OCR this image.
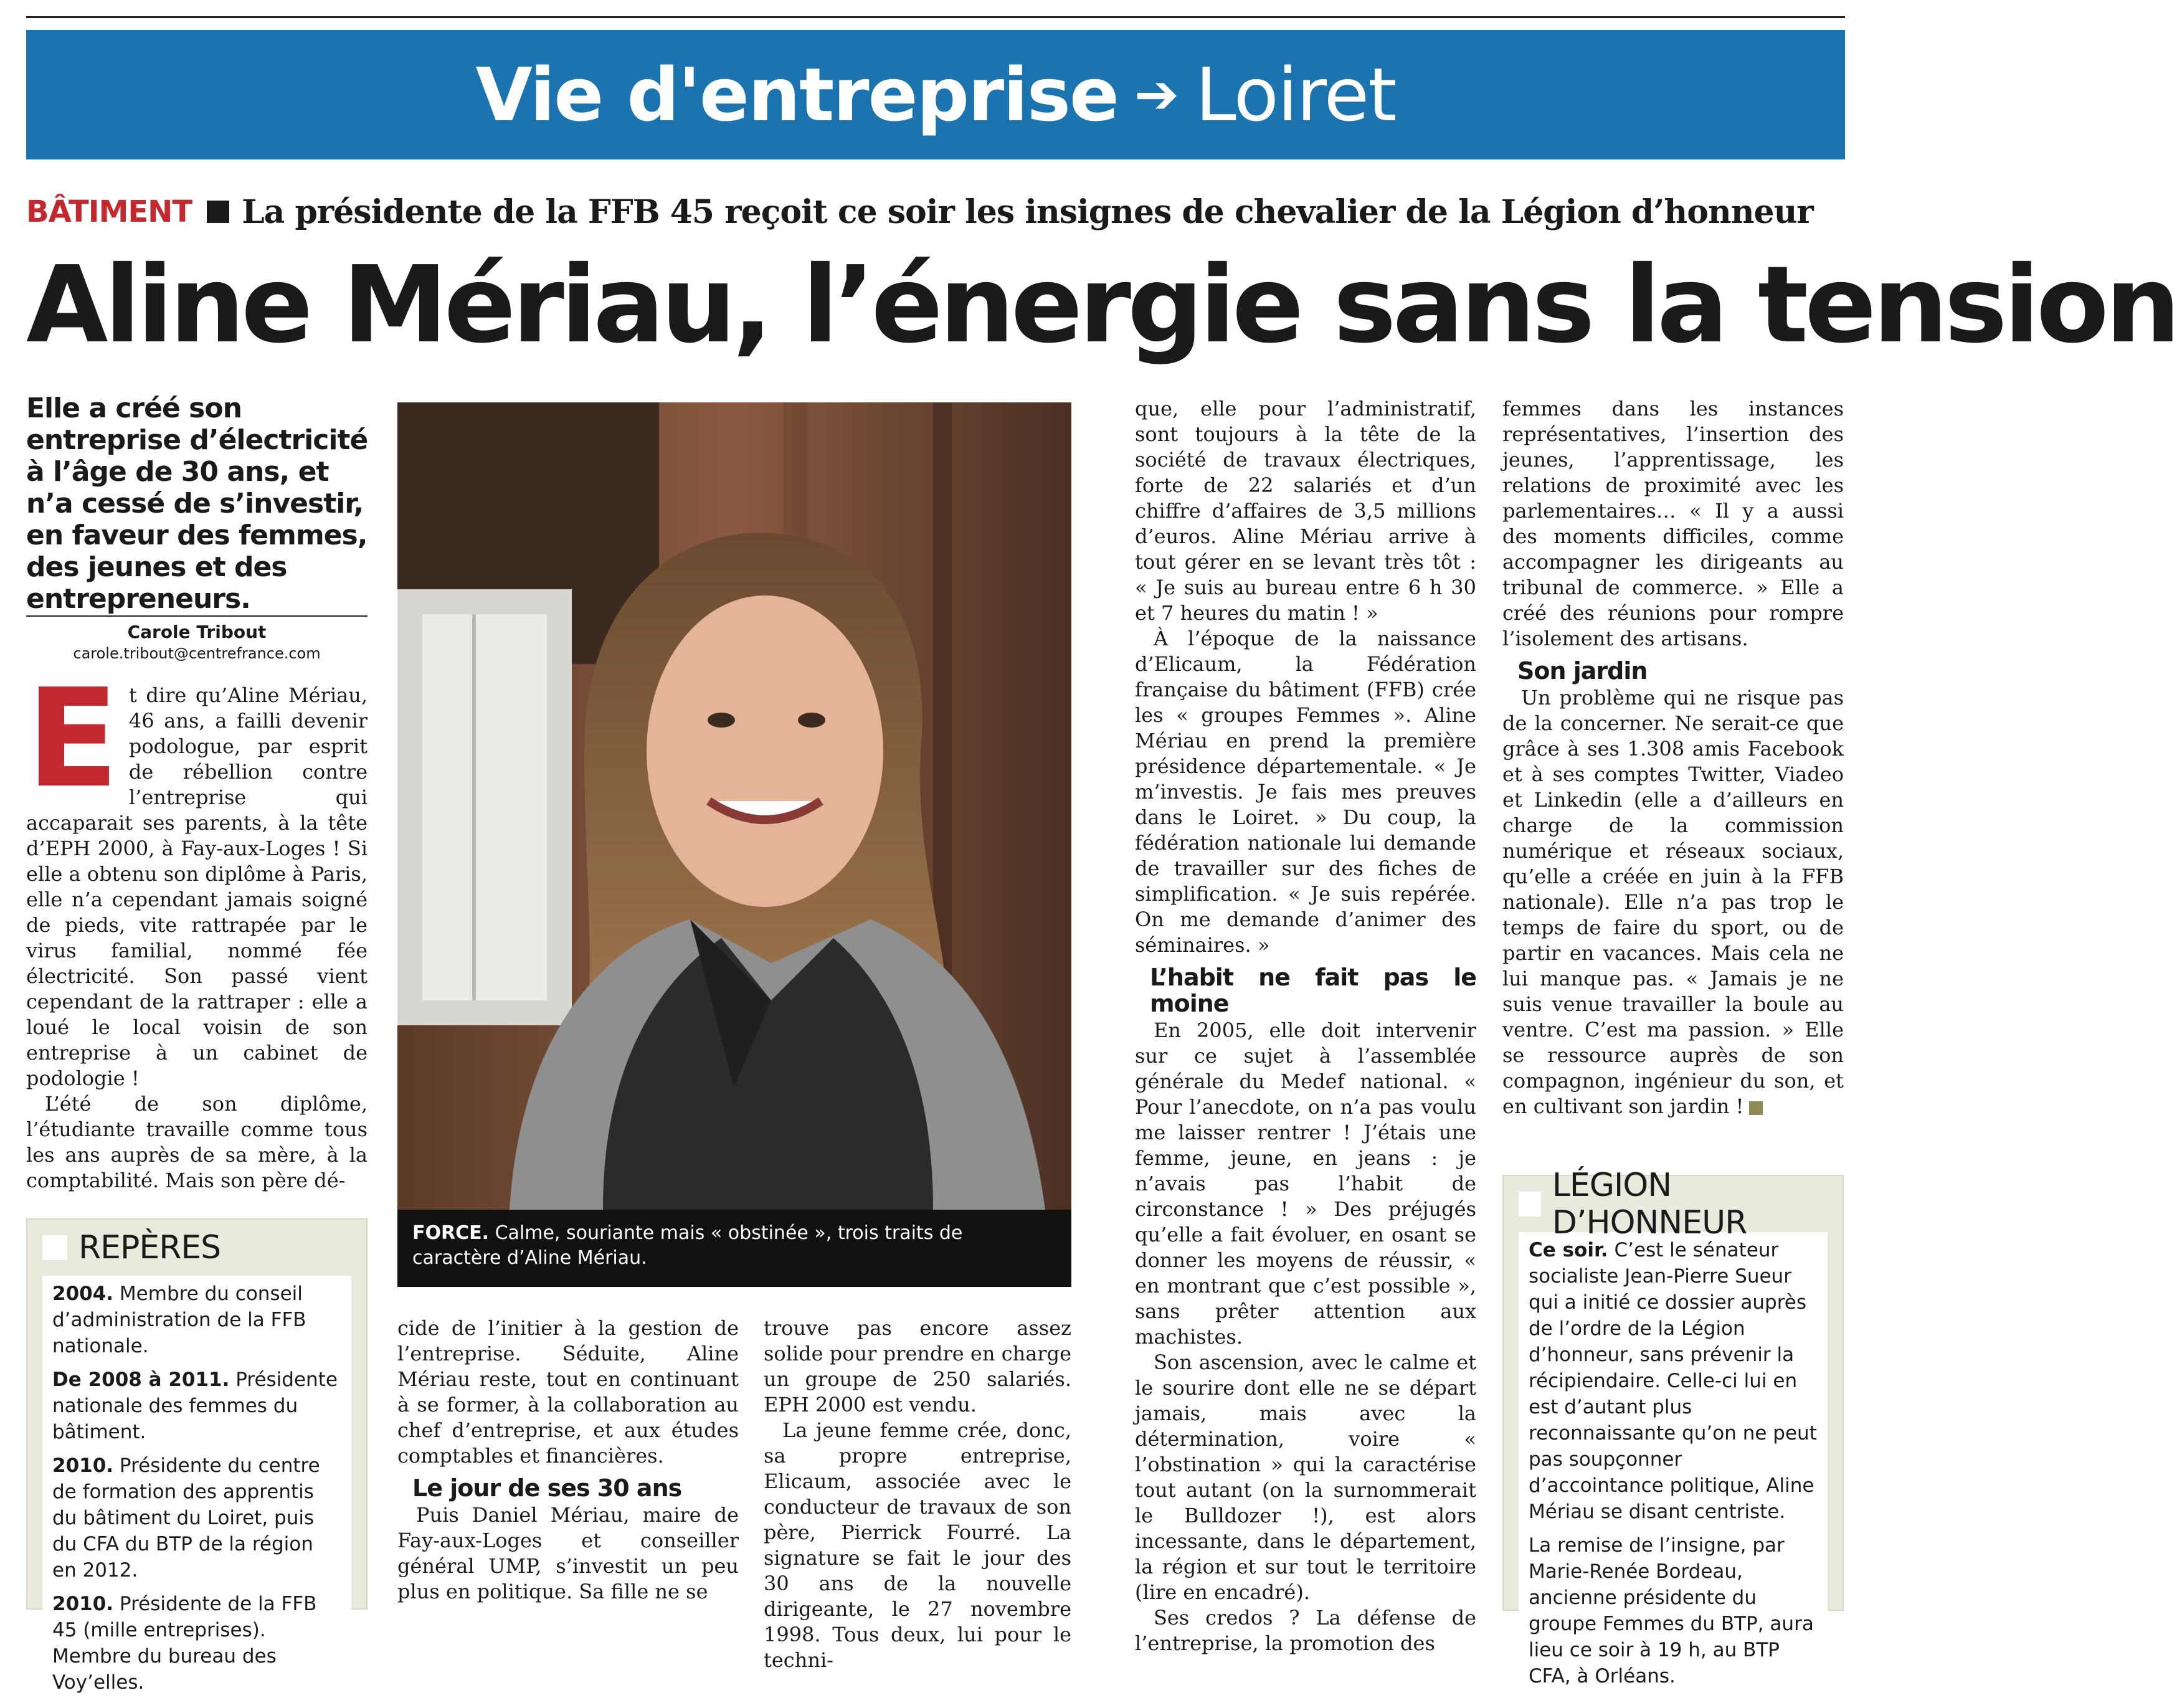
Vie d'entreprise ➔ Loiret
BÂTIMENT La présidente de la FFB 45 reçoit ce soir les insignes de chevalier de la Légion d’honneur
Aline Mériau, l’énergie sans la tension
Elle a créé son entreprise d’électricité à l’âge de 30 ans, et n’a cessé de s’investir, en faveur des femmes, des jeunes et des entrepreneurs.
Carole Tribout
carole.tribout@centrefrance.com
E t dire qu’Aline Mériau, 46 ans, a failli devenir podologue, par esprit de rébellion contre l’entreprise qui accaparait ses parents, à la tête d’EPH 2000, à Fay-aux-Loges ! Si elle a obtenu son diplôme à Paris, elle n’a cependant jamais soigné de pieds, vite rattrapée par le virus familial, nommé fée électricité. Son passé vient cependant de la rattraper : elle a loué le local voisin de son entreprise à un cabinet de podologie !

L’été de son diplôme, l’étudiante travaille comme tous les ans auprès de sa mère, à la comptabilité. Mais son père dé-

FORCE. Calme, souriante mais « obstinée », trois traits de caractère d’Aline Mériau.

cide de l’initier à la gestion de l’entreprise. Séduite, Aline Mériau reste, tout en continuant à se former, à la collaboration au chef d’entreprise, et aux études comptables et financières.

Le jour de ses 30 ans

Puis Daniel Mériau, maire de Fay-aux-Loges et conseiller général UMP, s’investit un peu plus en politique. Sa fille ne se

trouve pas encore assez solide pour prendre en charge un groupe de 250 salariés. EPH 2000 est vendu.

La jeune femme crée, donc, sa propre entreprise, Elicaum, associée avec le conducteur de travaux de son père, Pierrick Fourré. La signature se fait le jour des 30 ans de la nouvelle dirigeante, le 27 novembre 1998. Tous deux, lui pour le techni-

que, elle pour l’administratif, sont toujours à la tête de la société de travaux électriques, forte de 22 salariés et d’un chiffre d’affaires de 3,5 millions d’euros. Aline Mériau arrive à tout gérer en se levant très tôt : « Je suis au bureau entre 6 h 30 et 7 heures du matin ! »

À l’époque de la naissance d’Elicaum, la Fédération française du bâtiment (FFB) crée les « groupes Femmes ». Aline Mériau en prend la première présidence départementale. « Je m’investis. Je fais mes preuves dans le Loiret. » Du coup, la fédération nationale lui demande de travailler sur des fiches de simplification. « Je suis repérée. On me demande d’animer des séminaires. »

L’habit ne fait pas le moine

En 2005, elle doit intervenir sur ce sujet à l’assemblée générale du Medef national. « Pour l’anecdote, on n’a pas voulu me laisser rentrer ! J’étais une femme, jeune, en jeans : je n’avais pas l’habit de circonstance ! » Des préjugés qu’elle a fait évoluer, en osant se donner les moyens de réussir, « en montrant que c’est possible », sans prêter attention aux machistes.

Son ascension, avec le calme et le sourire dont elle ne se départ jamais, mais avec la détermination, voire « l’obstination » qui la caractérise tout autant (on la surnommerait le Bulldozer !), est alors incessante, dans le département, la région et sur tout le territoire (lire en encadré).

Ses credos ? La défense de l’entreprise, la promotion des

femmes dans les instances représentatives, l’insertion des jeunes, l’apprentissage, les relations de proximité avec les parlementaires… « Il y a aussi des moments difficiles, comme accompagner les dirigeants au tribunal de commerce. » Elle a créé des réunions pour rompre l’isolement des artisans.

Son jardin

Un problème qui ne risque pas de la concerner. Ne serait-ce que grâce à ses 1.308 amis Facebook et à ses comptes Twitter, Viadeo et Linkedin (elle a d’ailleurs en charge de la commission numérique et réseaux sociaux, qu’elle a créée en juin à la FFB nationale). Elle n’a pas trop le temps de faire du sport, ou de partir en vacances. Mais cela ne lui manque pas. « Jamais je ne suis venue travailler la boule au ventre. C’est ma passion. » Elle se ressource auprès de son compagnon, ingénieur du son, et en cultivant son jardin !

REPÈRES

2004. Membre du conseil d’administration de la FFB nationale.

De 2008 à 2011. Présidente nationale des femmes du bâtiment.

2010. Présidente du centre de formation des apprentis du bâtiment du Loiret, puis du CFA du BTP de la région en 2012.

2010. Présidente de la FFB 45 (mille entreprises). Membre du bureau des Voy’elles.

LÉGION D’HONNEUR

Ce soir. C’est le sénateur socialiste Jean-Pierre Sueur qui a initié ce dossier auprès de l’ordre de la Légion d’honneur, sans prévenir la récipiendaire. Celle-ci lui en est d’autant plus reconnaissante qu’on ne peut pas soupçonner d’accointance politique, Aline Mériau se disant centriste.

La remise de l’insigne, par Marie-Renée Bordeau, ancienne présidente du groupe Femmes du BTP, aura lieu ce soir à 19 h, au BTP CFA, à Orléans.
